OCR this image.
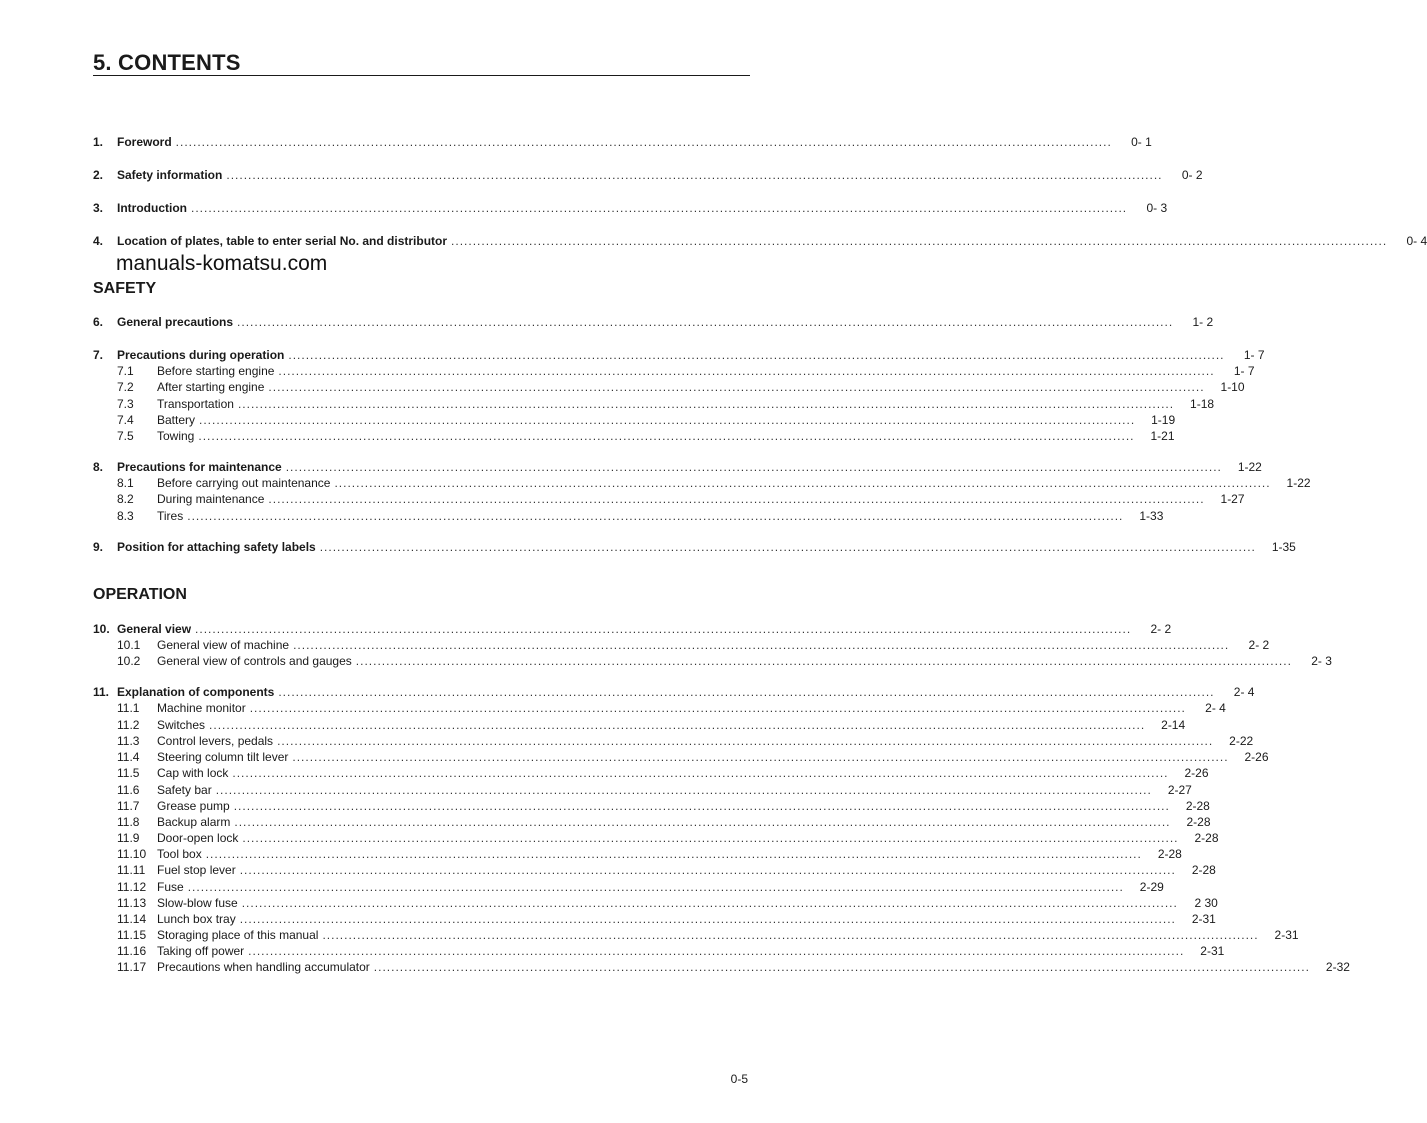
5. CONTENTS
1.	Foreword ........................................................................................................................................................................................................................	0- 1
2.	Safety information ........................................................................................................................................................................................................................	0- 2
3.	Introduction ........................................................................................................................................................................................................................	0- 3
4.	Location of plates, table to enter serial No. and distributor ........................................................................................................................................................................................................................	0- 4
manuals-komatsu.com
SAFETY
6.	General precautions ........................................................................................................................................................................................................................	1- 2
7.	Precautions during operation ........................................................................................................................................................................................................................	1- 7
7.1	Before starting engine ........................................................................................................................................................................................................................	1- 7
7.2	After starting engine ........................................................................................................................................................................................................................	1-10
7.3	Transportation ........................................................................................................................................................................................................................	1-18
7.4	Battery ........................................................................................................................................................................................................................	1-19
7.5	Towing ........................................................................................................................................................................................................................	1-21
8.	Precautions for maintenance ........................................................................................................................................................................................................................	1-22
8.1	Before carrying out maintenance ........................................................................................................................................................................................................................	1-22
8.2	During maintenance ........................................................................................................................................................................................................................	1-27
8.3	Tires ........................................................................................................................................................................................................................	1-33
9.	Position for attaching safety labels ........................................................................................................................................................................................................................	1-35
OPERATION
10. General view ........................................................................................................................................................................................................................	2- 2
10.1	General view of machine ........................................................................................................................................................................................................................	2- 2
10.2	General view of controls and gauges ........................................................................................................................................................................................................................	2- 3
11. Explanation of components ........................................................................................................................................................................................................................	2- 4
11.1	Machine monitor ........................................................................................................................................................................................................................	2- 4
11.2	Switches ........................................................................................................................................................................................................................	2-14
11.3	Control levers, pedals ........................................................................................................................................................................................................................	2-22
11.4	Steering column tilt lever ........................................................................................................................................................................................................................	2-26
11.5	Cap with lock ........................................................................................................................................................................................................................	2-26
11.6	Safety bar ........................................................................................................................................................................................................................	2-27
11.7	Grease pump ........................................................................................................................................................................................................................	2-28
11.8	Backup alarm ........................................................................................................................................................................................................................	2-28
11.9	Door-open lock ........................................................................................................................................................................................................................	2-28
11.10 Tool box ........................................................................................................................................................................................................................	2-28
11.11 Fuel stop lever ........................................................................................................................................................................................................................	2-28
11.12 Fuse ........................................................................................................................................................................................................................	2-29
11.13 Slow-blow fuse ........................................................................................................................................................................................................................	2 30
11.14 Lunch box tray ........................................................................................................................................................................................................................	2-31
11.15 Storaging place of this manual ........................................................................................................................................................................................................................	2-31
11.16 Taking off power ........................................................................................................................................................................................................................	2-31
11.17 Precautions when handling accumulator ........................................................................................................................................................................................................................	2-32
0-5
